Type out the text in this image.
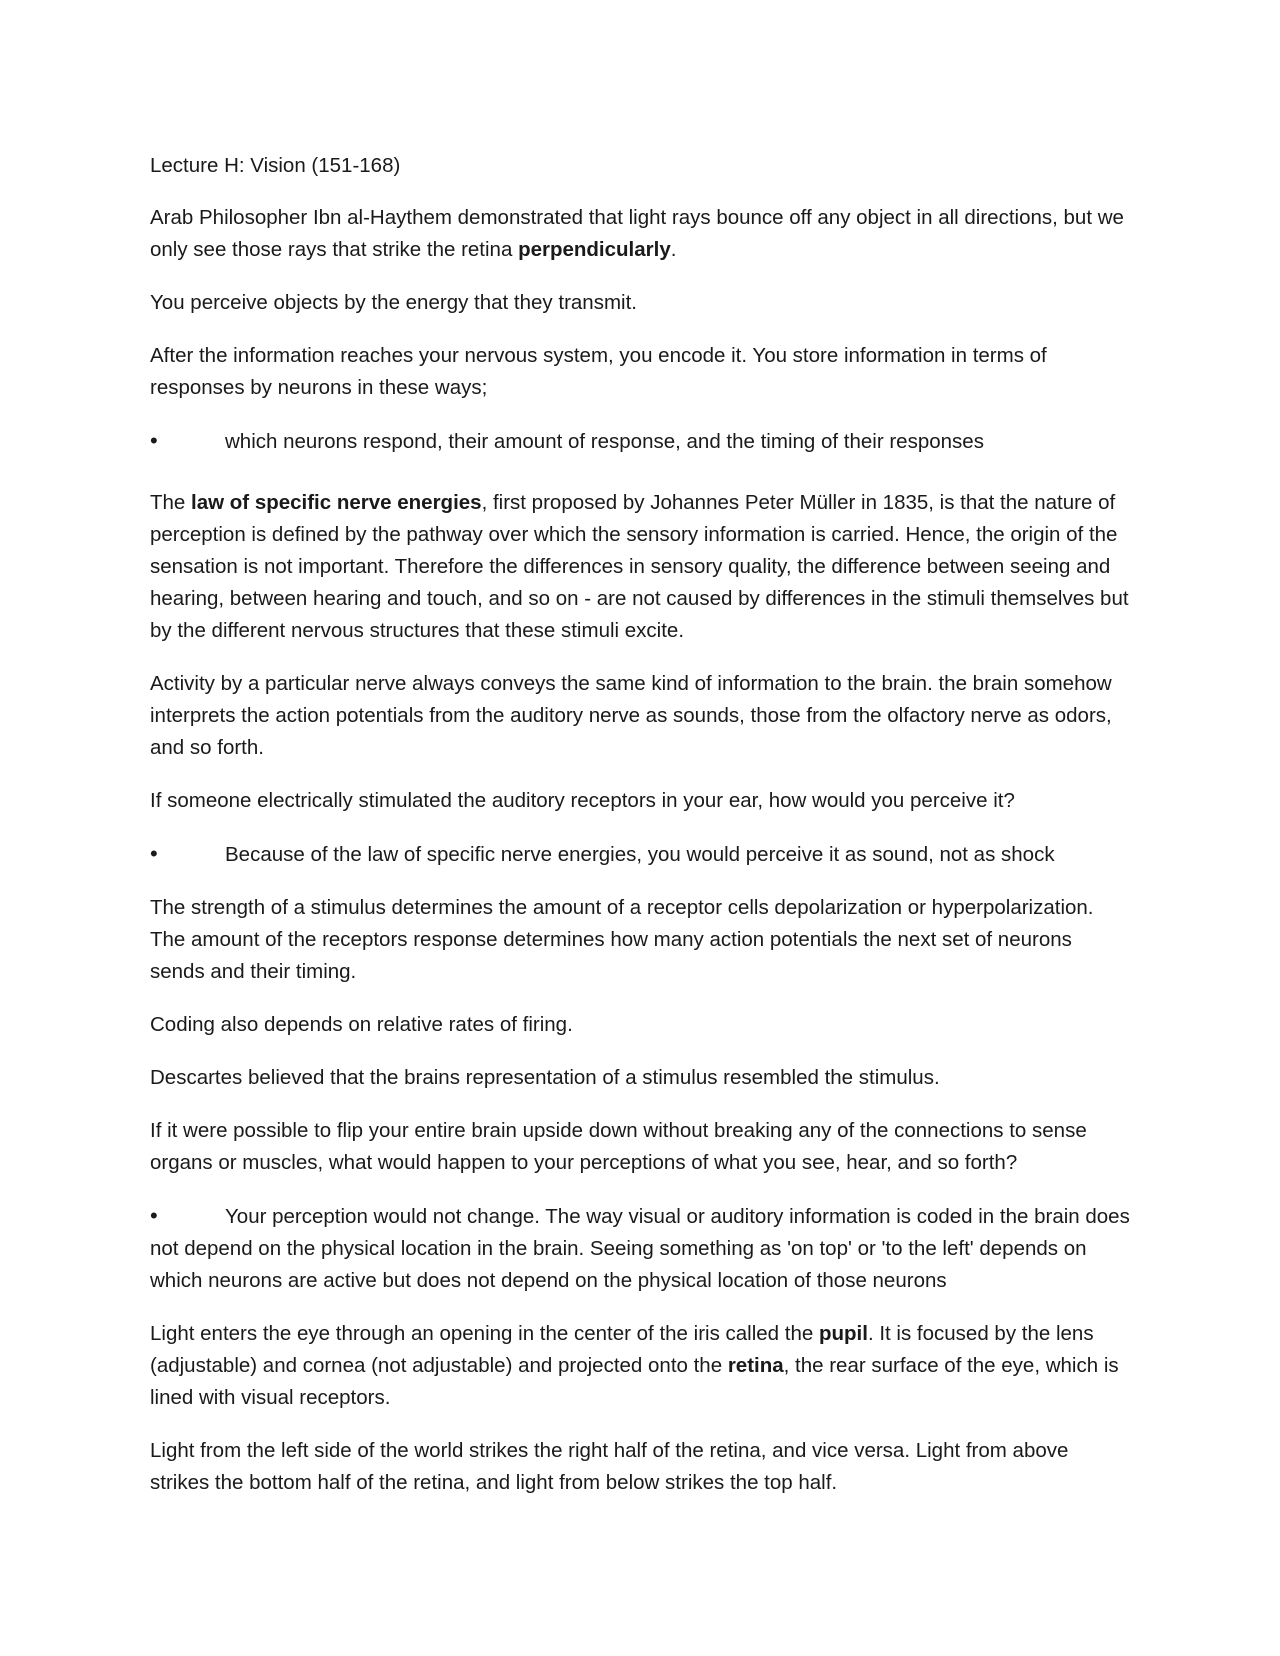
Lecture H: Vision (151-168)

Arab Philosopher Ibn al-Haythem demonstrated that light rays bounce off any object in all directions, but we only see those rays that strike the retina perpendicularly.

You perceive objects by the energy that they transmit.

After the information reaches your nervous system, you encode it. You store information in terms of responses by neurons in these ways;

•	which neurons respond, their amount of response, and the timing of their responses

The law of specific nerve energies, first proposed by Johannes Peter Müller in 1835, is that the nature of perception is defined by the pathway over which the sensory information is carried. Hence, the origin of the sensation is not important. Therefore the differences in sensory quality, the difference between seeing and hearing, between hearing and touch, and so on - are not caused by differences in the stimuli themselves but by the different nervous structures that these stimuli excite.

Activity by a particular nerve always conveys the same kind of information to the brain. the brain somehow interprets the action potentials from the auditory nerve as sounds, those from the olfactory nerve as odors, and so forth.

If someone electrically stimulated the auditory receptors in your ear, how would you perceive it?

•	Because of the law of specific nerve energies, you would perceive it as sound, not as shock

The strength of a stimulus determines the amount of a receptor cells depolarization or hyperpolarization. The amount of the receptors response determines how many action potentials the next set of neurons sends and their timing.

Coding also depends on relative rates of firing.

Descartes believed that the brains representation of a stimulus resembled the stimulus.

If it were possible to flip your entire brain upside down without breaking any of the connections to sense organs or muscles, what would happen to your perceptions of what you see, hear, and so forth?

•	Your perception would not change. The way visual or auditory information is coded in the brain does not depend on the physical location in the brain. Seeing something as 'on top' or 'to the left' depends on which neurons are active but does not depend on the physical location of those neurons

Light enters the eye through an opening in the center of the iris called the pupil. It is focused by the lens (adjustable) and cornea (not adjustable) and projected onto the retina, the rear surface of the eye, which is lined with visual receptors.

Light from the left side of the world strikes the right half of the retina, and vice versa. Light from above strikes the bottom half of the retina, and light from below strikes the top half.
